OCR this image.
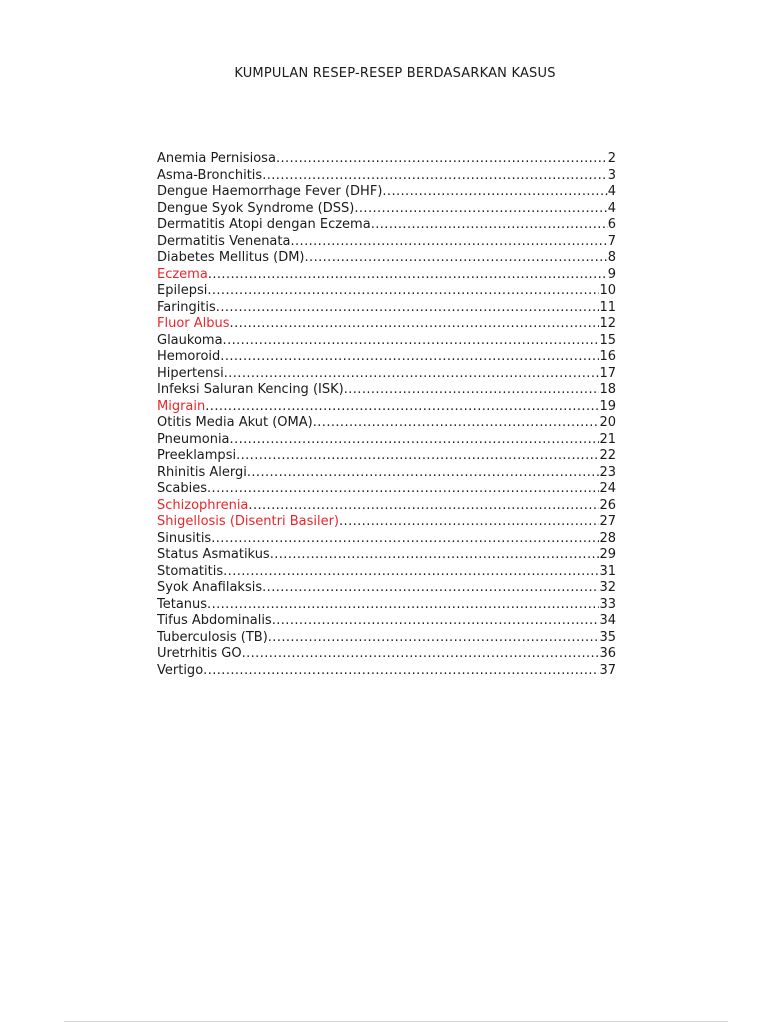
KUMPULAN RESEP-RESEP BERDASARKAN KASUS
Anemia Pernisiosa .....	2
Asma-Bronchitis .....	3
Dengue Haemorrhage Fever (DHF) .....	4
Dengue Syok Syndrome (DSS) .....	4
Dermatitis Atopi dengan Eczema .....	6
Dermatitis Venenata .....	7
Diabetes Mellitus (DM) .....	8
Eczema .....	9
Epilepsi .....	10
Faringitis .....	11
Fluor Albus .....	12
Glaukoma .....	15
Hemoroid .....	16
Hipertensi .....	17
Infeksi Saluran Kencing (ISK) .....	18
Migrain .....	19
Otitis Media Akut (OMA) .....	20
Pneumonia .....	21
Preeklampsi .....	22
Rhinitis Alergi .....	23
Scabies .....	24
Schizophrenia .....	26
Shigellosis (Disentri Basiler) .....	27
Sinusitis .....	28
Status Asmatikus .....	29
Stomatitis .....	31
Syok Anafilaksis .....	32
Tetanus .....	33
Tifus Abdominalis .....	34
Tuberculosis (TB) .....	35
Uretrhitis GO .....	36
Vertigo .....	37
